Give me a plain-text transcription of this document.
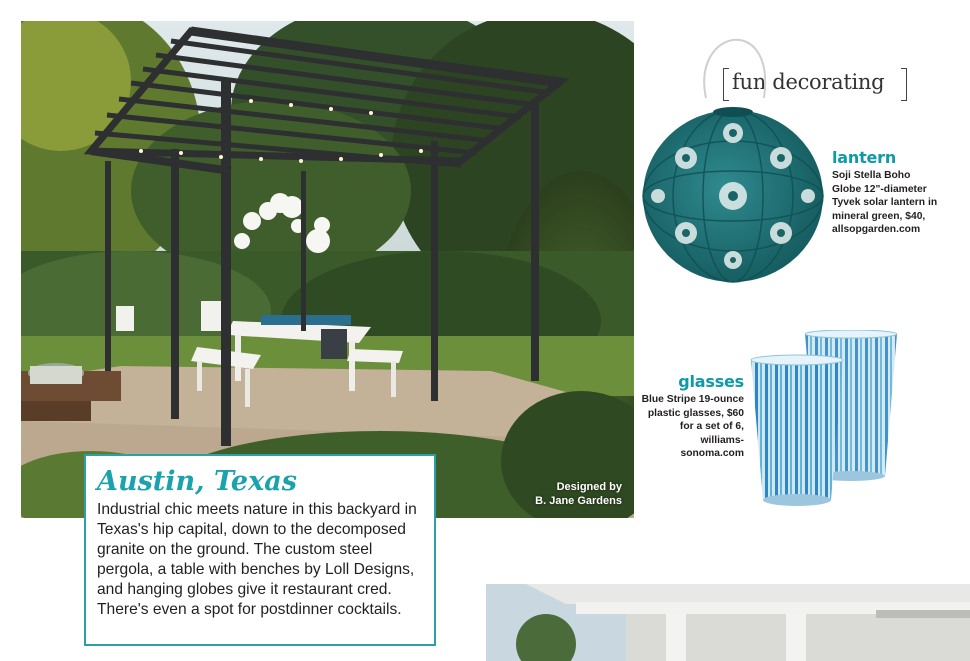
Designed by
B. Jane Gardens
Austin, Texas

Industrial chic meets nature in this backyard in Texas's hip capital, down to the decomposed granite on the ground. The custom steel pergola, a table with benches by Loll Designs, and hanging globes give it restaurant cred. There's even a spot for postdinner cocktails.

fun decorating
lantern

Soji Stella Boho Globe 12"-diameter Tyvek solar lantern in mineral green, $40, allsopgarden.com

glasses

Blue Stripe 19-ounce plastic glasses, $60 for a set of 6, williams-sonoma.com
